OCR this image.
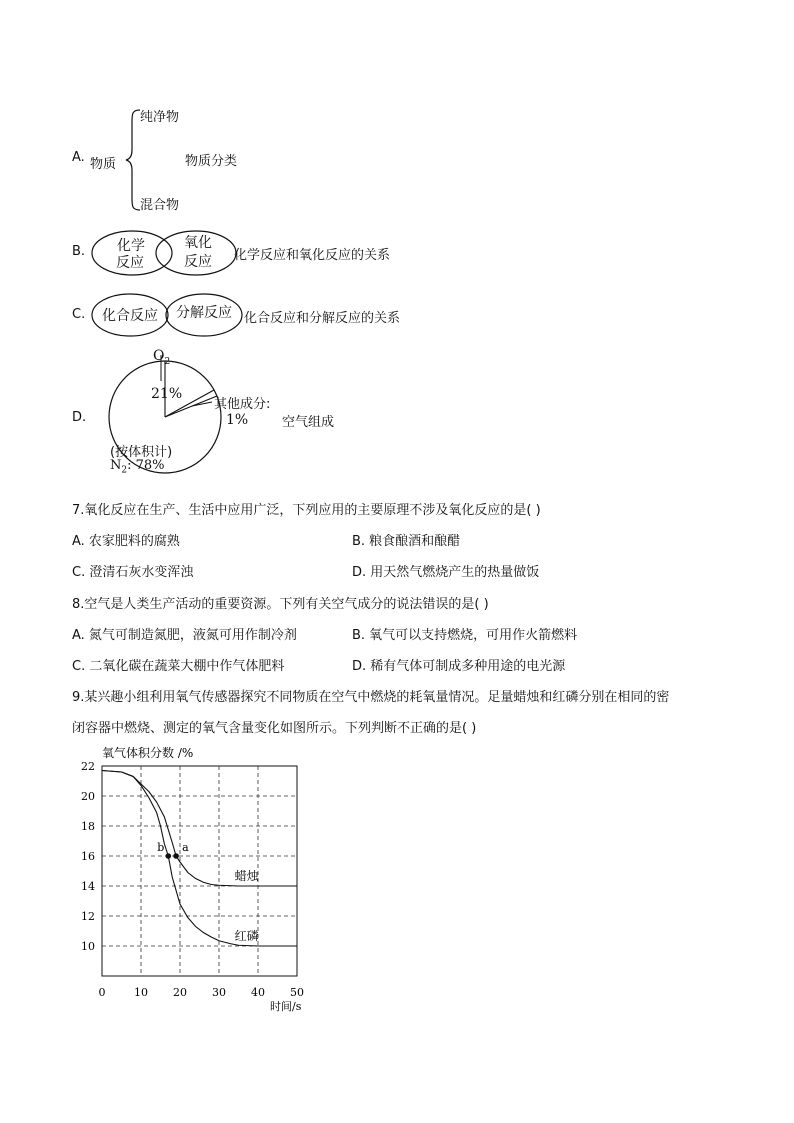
A. 物质
纯净物
物质分类
混合物
B. 化学
反应
氧化
反应 化学反应和氧化反应的关系
C. 化合反应 分解反应 化合反应和分解反应的关系
D.
$O_2$
21%
其他成分:
1%	空气组成
(按体积计)
$N_2$: 78%
7.氧化反应在生产、生活中应用广泛，下列应用的主要原理不涉及氧化反应的是( )
A. 农家肥料的腐熟	B. 粮食酿酒和酿醋
C. 澄清石灰水变浑浊	D. 用天然气燃烧产生的热量做饭
8.空气是人类生产活动的重要资源。下列有关空气成分的说法错误的是( )
A. 氮气可制造氮肥，液氮可用作制冷剂	B. 氧气可以支持燃烧，可用作火箭燃料
C. 二氧化碳在蔬菜大棚中作气体肥料	D. 稀有气体可制成多种用途的电光源
9.某兴趣小组利用氧气传感器探究不同物质在空气中燃烧的耗氧量情况。足量蜡烛和红磷分别在相同的密
闭容器中燃烧、测定的氧气含量变化如图所示。下列判断不正确的是( )
氧气体积分数 /%
时间/s
蜡烛
红磷
0	10 20 30 40 50
10
12
14
16
18
20
22
b a
